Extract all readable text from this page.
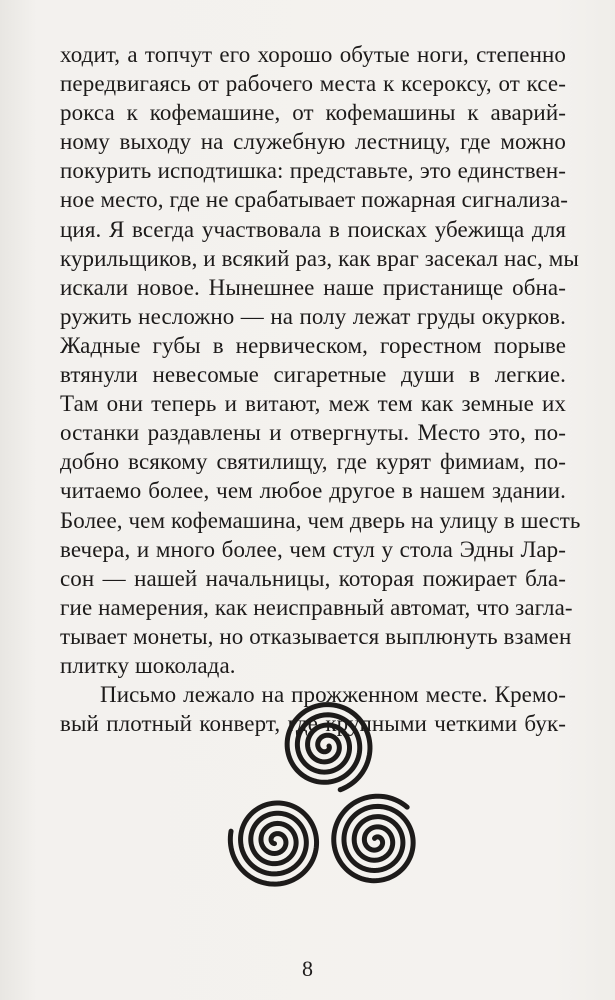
ходит, а топчут его хорошо обутые ноги, степенно
передвигаясь от рабочего места к ксероксу, от ксе-
рокса к кофемашине, от кофемашины к аварий-
ному выходу на служебную лестницу, где можно
покурить исподтишка: представьте, это единствен-
ное место, где не срабатывает пожарная сигнализа-
ция. Я всегда участвовала в поисках убежища для
курильщиков, и всякий раз, как враг засекал нас, мы
искали новое. Нынешнее наше пристанище обна-
ружить несложно — на полу лежат груды окурков.
Жадные губы в нервическом, горестном порыве
втянули невесомые сигаретные души в легкие.
Там они теперь и витают, меж тем как земные их
останки раздавлены и отвергнуты. Место это, по-
добно всякому святилищу, где курят фимиам, по-
читаемо более, чем любое другое в нашем здании.
Более, чем кофемашина, чем дверь на улицу в шесть
вечера, и много более, чем стул у стола Эдны Лар-
сон — нашей начальницы, которая пожирает бла-
гие намерения, как неисправный автомат, что загла-
тывает монеты, но отказывается выплюнуть взамен
плитку шоколада.
Письмо лежало на прожженном месте. Кремо-
вый плотный конверт, где крупными четкими бук-
8
